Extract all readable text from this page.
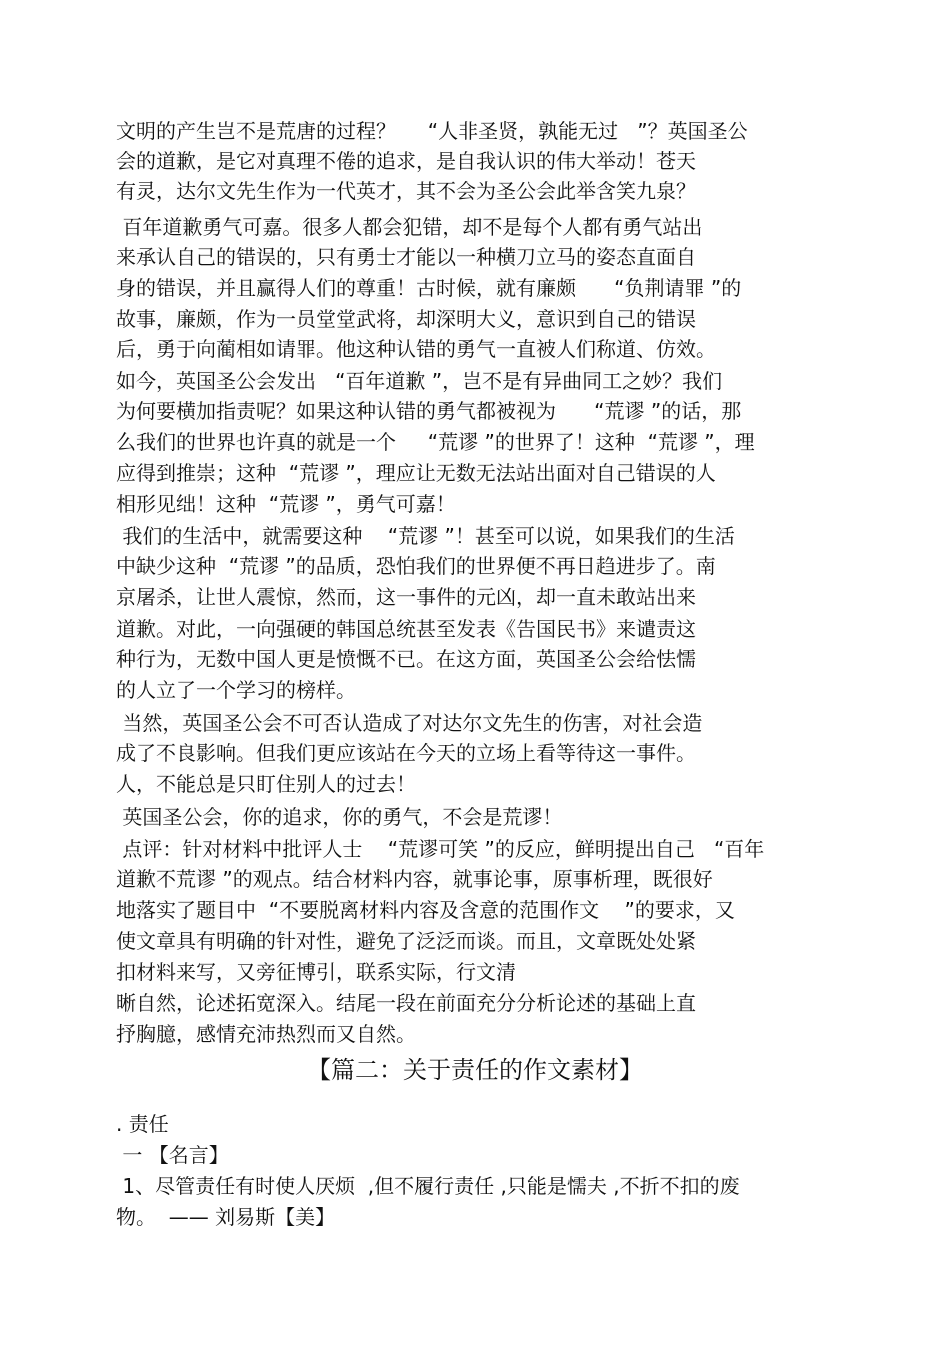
文明的产生岂不是荒唐的过程？     “人非圣贤，孰能无过   ”？英国圣公
会的道歉，是它对真理不倦的追求，是自我认识的伟大举动！苍天
有灵，达尔文先生作为一代英才，其不会为圣公会此举含笑九泉？
百年道歉勇气可嘉。很多人都会犯错，却不是每个人都有勇气站出
来承认自己的错误的，只有勇士才能以一种横刀立马的姿态直面自
身的错误，并且赢得人们的尊重！古时候，就有廉颇      “负荆请罪 ”的
故事，廉颇，作为一员堂堂武将，却深明大义，意识到自己的错误
后，勇于向蔺相如请罪。他这种认错的勇气一直被人们称道、仿效。
如今，英国圣公会发出   “百年道歉 ”，岂不是有异曲同工之妙？我们
为何要横加指责呢？如果这种认错的勇气都被视为      “荒谬 ”的话，那
么我们的世界也许真的就是一个     “荒谬 ”的世界了！这种  “荒谬 ”，理
应得到推崇；这种  “荒谬 ”，理应让无数无法站出面对自己错误的人
相形见绌！这种  “荒谬 ”，勇气可嘉！
我们的生活中，就需要这种    “荒谬 ”！甚至可以说，如果我们的生活
中缺少这种  “荒谬 ”的品质，恐怕我们的世界便不再日趋进步了。南
京屠杀，让世人震惊，然而，这一事件的元凶，却一直未敢站出来
道歉。对此，一向强硬的韩国总统甚至发表《告国民书》来谴责这
种行为，无数中国人更是愤慨不已。在这方面，英国圣公会给怯懦
的人立了一个学习的榜样。
当然，英国圣公会不可否认造成了对达尔文先生的伤害，对社会造
成了不良影响。但我们更应该站在今天的立场上看等待这一事件。
人，不能总是只盯住别人的过去！
英国圣公会，你的追求，你的勇气，不会是荒谬！
点评：针对材料中批评人士    “荒谬可笑 ”的反应，鲜明提出自己   “百年
道歉不荒谬 ”的观点。结合材料内容，就事论事，原事析理，既很好
地落实了题目中  “不要脱离材料内容及含意的范围作文    ”的要求，又
使文章具有明确的针对性，避免了泛泛而谈。而且，文章既处处紧
扣材料来写，又旁征博引，联系实际，行文清
晰自然，论述拓宽深入。结尾一段在前面充分分析论述的基础上直
抒胸臆，感情充沛热烈而又自然。
【篇二：关于责任的作文素材】
. 责任
一 【名言】
1、尽管责任有时使人厌烦  ,但不履行责任 ,只能是懦夫 ,不折不扣的废
物。  —— 刘易斯【美】
